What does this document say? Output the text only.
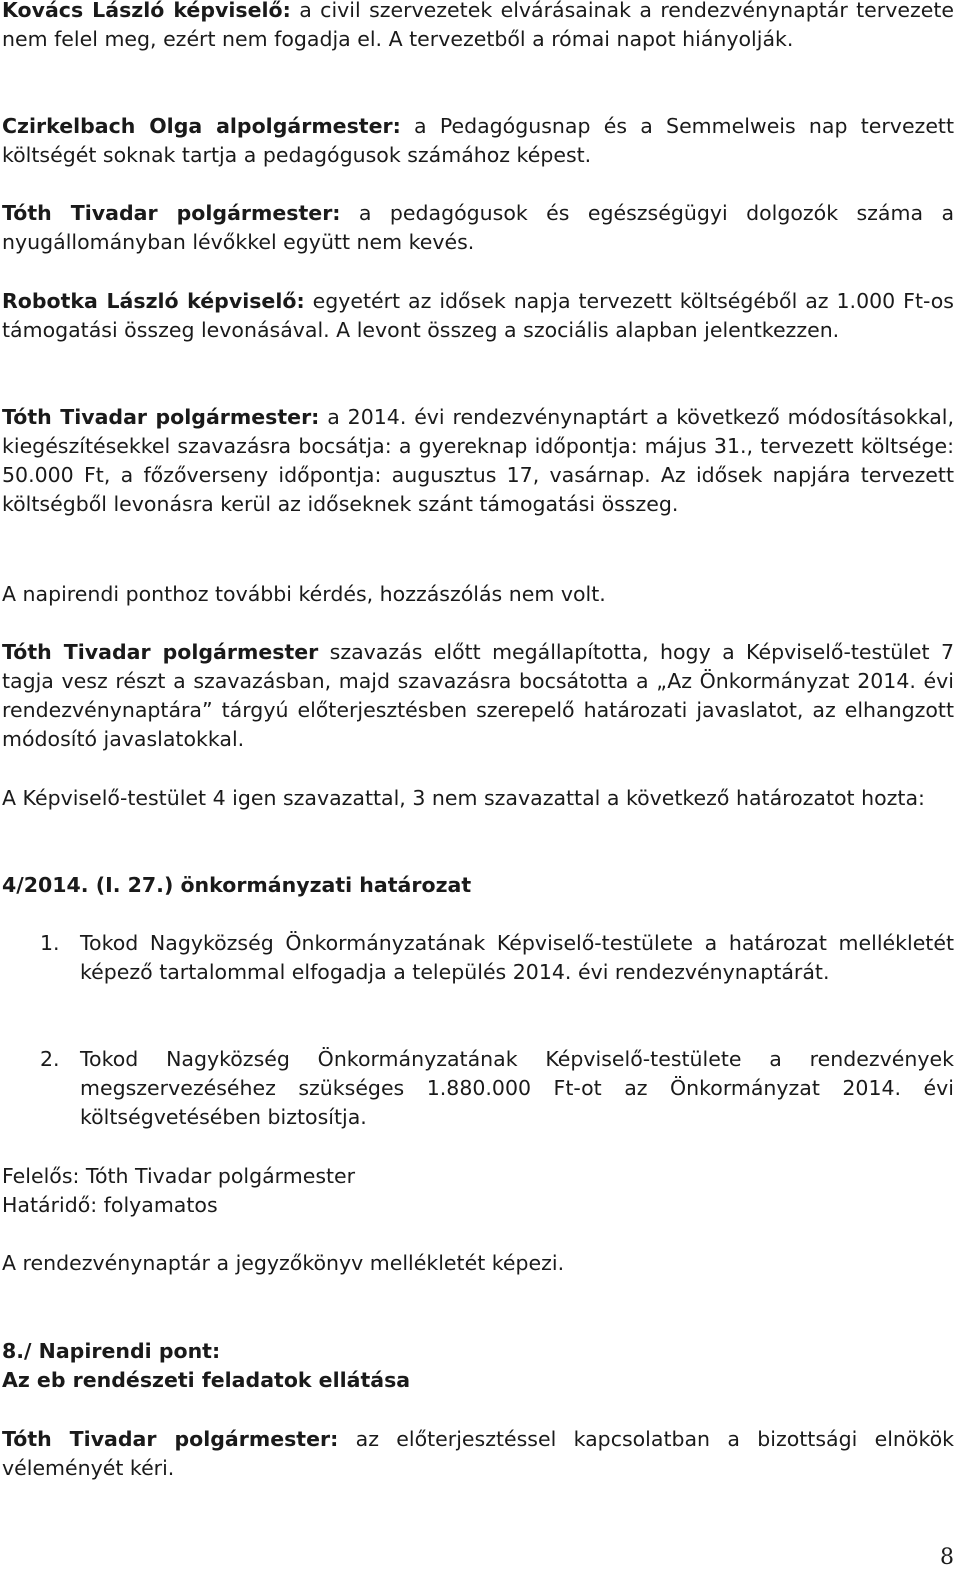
Kovács László képviselő: a civil szervezetek elvárásainak a rendezvénynaptár tervezete nem felel meg, ezért nem fogadja el. A tervezetből a római napot hiányolják.

Czirkelbach Olga alpolgármester: a Pedagógusnap és a Semmelweis nap tervezett költségét soknak tartja a pedagógusok számához képest.

Tóth Tivadar polgármester: a pedagógusok és egészségügyi dolgozók száma a nyugállományban lévőkkel együtt nem kevés.

Robotka László képviselő: egyetért az idősek napja tervezett költségéből az 1.000 Ft-os támogatási összeg levonásával. A levont összeg a szociális alapban jelentkezzen.

Tóth Tivadar polgármester: a 2014. évi rendezvénynaptárt a következő módosításokkal, kiegészítésekkel szavazásra bocsátja: a gyereknap időpontja: május 31., tervezett költsége: 50.000 Ft, a főzőverseny időpontja: augusztus 17, vasárnap. Az idősek napjára tervezett költségből levonásra kerül az időseknek szánt támogatási összeg.

A napirendi ponthoz további kérdés, hozzászólás nem volt.

Tóth Tivadar polgármester szavazás előtt megállapította, hogy a Képviselő-testület 7 tagja vesz részt a szavazásban, majd szavazásra bocsátotta a „Az Önkormányzat 2014. évi rendezvénynaptára” tárgyú előterjesztésben szerepelő határozati javaslatot, az elhangzott módosító javaslatokkal.

A Képviselő-testület 4 igen szavazattal, 3 nem szavazattal a következő határozatot hozta:

4/2014. (I. 27.) önkormányzati határozat

1. Tokod Nagyközség Önkormányzatának Képviselő-testülete a határozat mellékletét képező tartalommal elfogadja a település 2014. évi rendezvénynaptárát.
2. Tokod Nagyközség Önkormányzatának Képviselő-testülete a rendezvények megszervezéséhez szükséges 1.880.000 Ft-ot az Önkormányzat 2014. évi költségvetésében biztosítja.

Felelős: Tóth Tivadar polgármester

Határidő: folyamatos

A rendezvénynaptár a jegyzőkönyv mellékletét képezi.

8./ Napirendi pont:

Az eb rendészeti feladatok ellátása

Tóth Tivadar polgármester: az előterjesztéssel kapcsolatban a bizottsági elnökök véleményét kéri.

8
